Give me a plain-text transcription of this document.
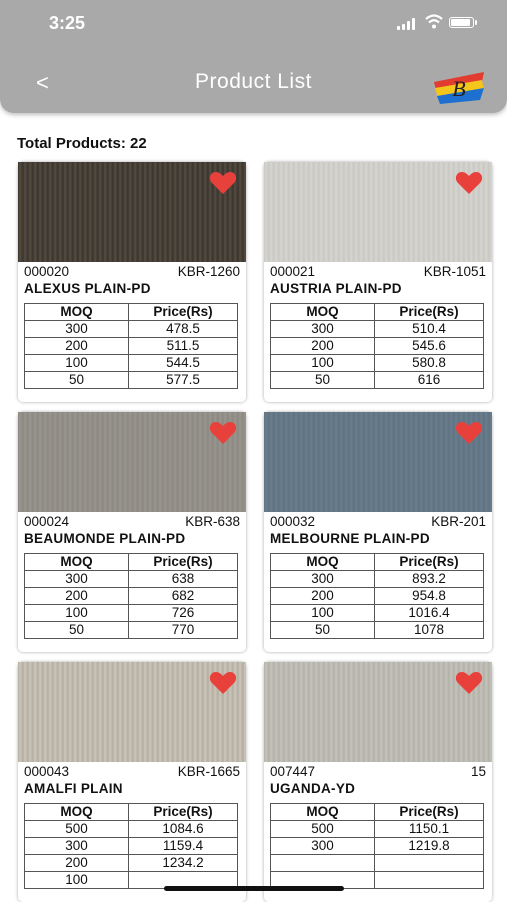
3:25
<	Product List	B
Total Products: 22
000020	KBR-1260
ALEXUS PLAIN-PD
MOQ	Price(Rs)
300	478.5
200	511.5
100	544.5
50	577.5
000021	KBR-1051
AUSTRIA PLAIN-PD
MOQ	Price(Rs)
300	510.4
200	545.6
100	580.8
50	616
000024	KBR-638
BEAUMONDE PLAIN-PD
MOQ	Price(Rs)
300	638
200	682
100	726
50	770
000032	KBR-201
MELBOURNE PLAIN-PD
MOQ	Price(Rs)
300	893.2
200	954.8
100	1016.4
50	1078
000043	KBR-1665
AMALFI PLAIN
MOQ	Price(Rs)
500	1084.6
300	1159.4
200	1234.2
100	
007447	15
UGANDA-YD
MOQ	Price(Rs)
500	1150.1
300	1219.8
